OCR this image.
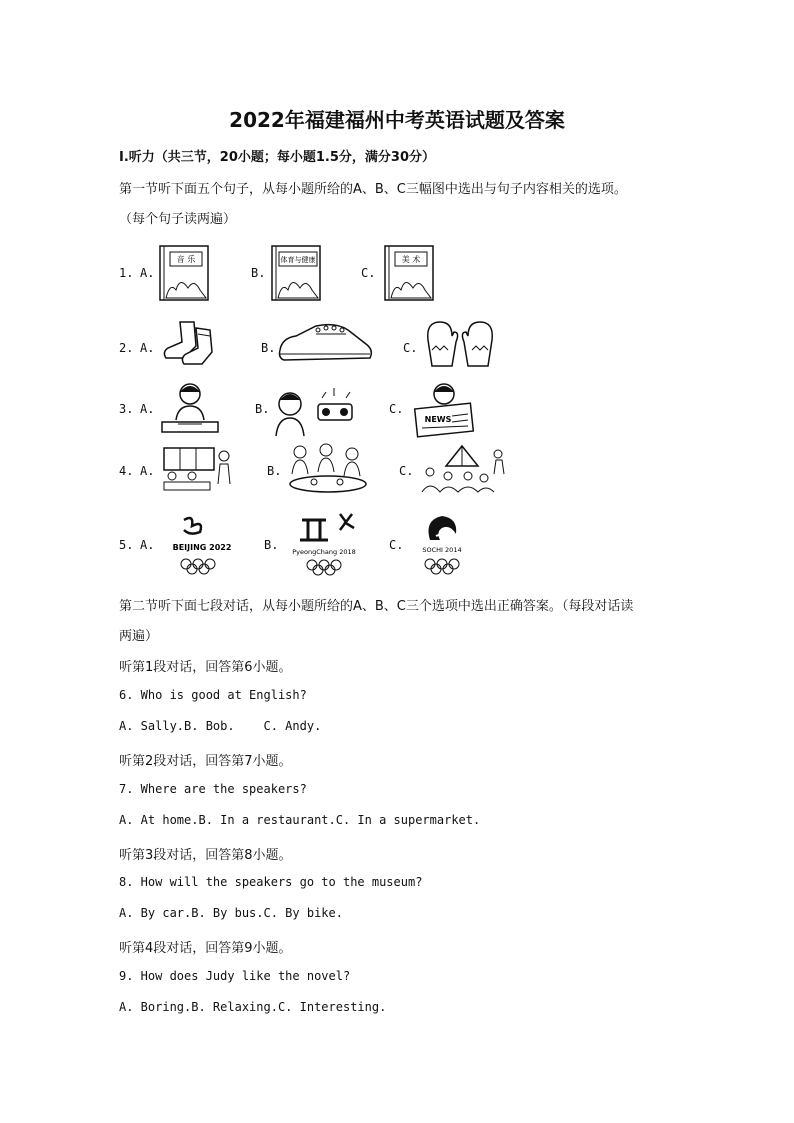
2022年福建福州中考英语试题及答案
I.听力（共三节，20小题；每小题1.5分，满分30分）
第一节听下面五个句子，从每小题所给的A、B、C三幅图中选出与句子内容相关的选项。
（每个句子读两遍）
1. A.
音 乐
B.
体育与健康
C.
美 术
2. A.	B.	C.
3. A.	B.	C.
NEWS
4. A.	B.	C.
5. A. BEIJING 2022	B. PyeongChang 2018	C.	SOCHI 2014
第二节听下面七段对话，从每小题所给的A、B、C三个选项中选出正确答案。（每段对话读
两遍）
听第1段对话，回答第6小题。
6. Who is good at English?
A. Sally.B. Bob.    C. Andy.
听第2段对话，回答第7小题。
7. Where are the speakers?
A. At home.B. In a restaurant.C. In a supermarket.
听第3段对话，回答第8小题。
8. How will the speakers go to the museum?
A. By car.B. By bus.C. By bike.
听第4段对话，回答第9小题。
9. How does Judy like the novel?
A. Boring.B. Relaxing.C. Interesting.
